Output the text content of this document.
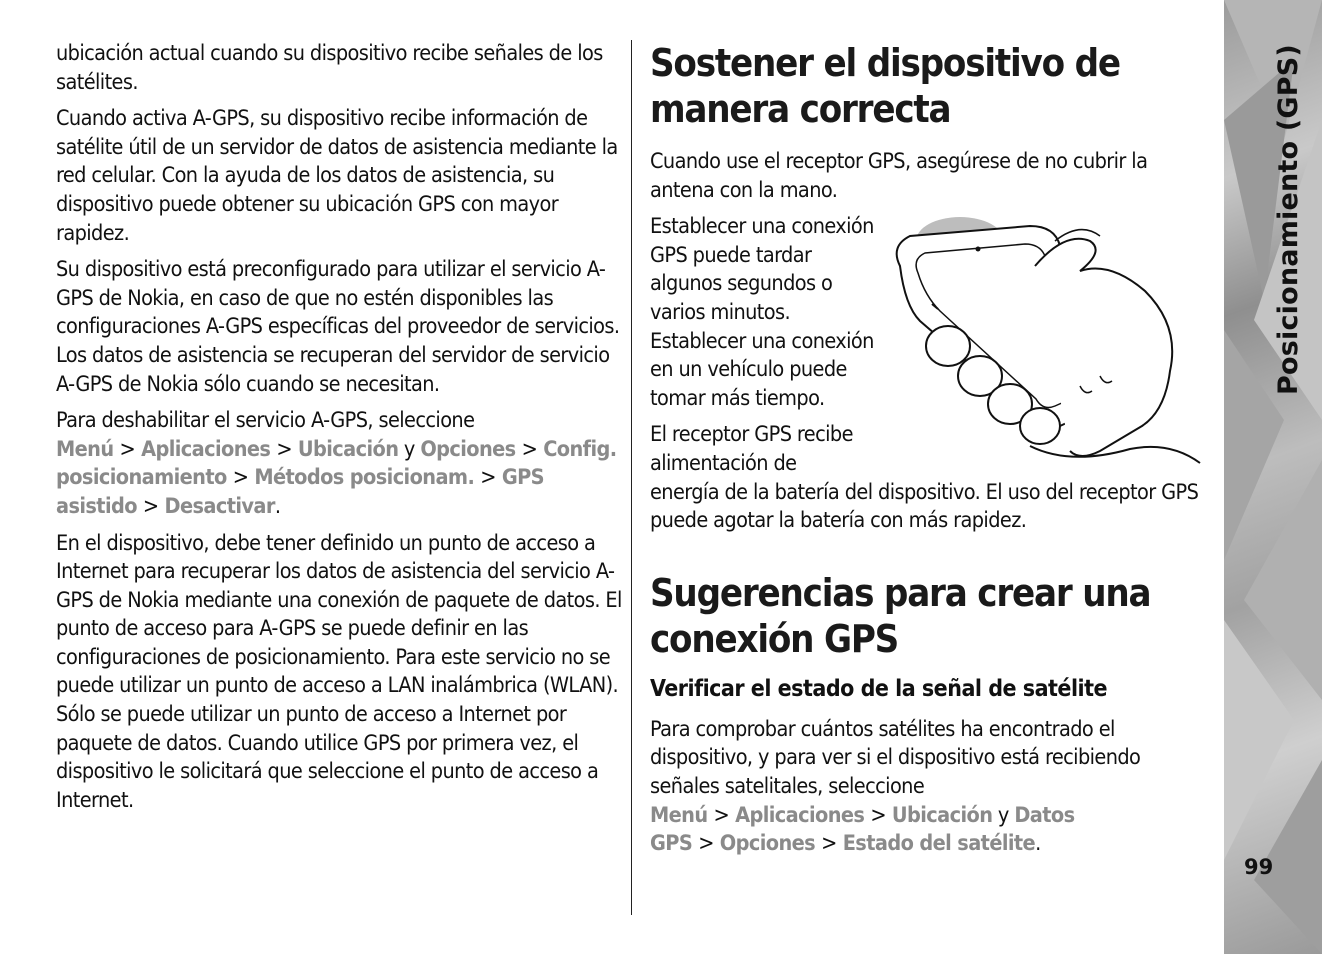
ubicación actual cuando su dispositivo recibe señales de los satélites.

Cuando activa A-GPS, su dispositivo recibe información de satélite útil de un servidor de datos de asistencia mediante la red celular. Con la ayuda de los datos de asistencia, su dispositivo puede obtener su ubicación GPS con mayor rapidez.

Su dispositivo está preconfigurado para utilizar el servicio A-GPS de Nokia, en caso de que no estén disponibles las configuraciones A-GPS específicas del proveedor de servicios. Los datos de asistencia se recuperan del servidor de servicio A-GPS de Nokia sólo cuando se necesitan.

Para deshabilitar el servicio A-GPS, seleccione Menú > Aplicaciones > Ubicación y Opciones > Config. posicionamiento > Métodos posicionam. > GPS asistido > Desactivar.

En el dispositivo, debe tener definido un punto de acceso a Internet para recuperar los datos de asistencia del servicio A-GPS de Nokia mediante una conexión de paquete de datos. El punto de acceso para A-GPS se puede definir en las configuraciones de posicionamiento. Para este servicio no se puede utilizar un punto de acceso a LAN inalámbrica (WLAN). Sólo se puede utilizar un punto de acceso a Internet por paquete de datos. Cuando utilice GPS por primera vez, el dispositivo le solicitará que seleccione el punto de acceso a Internet.

Sostener el dispositivo de manera correcta

Cuando use el receptor GPS, asegúrese de no cubrir la antena con la mano.

Establecer una conexión GPS puede tardar algunos segundos o varios minutos. Establecer una conexión en un vehículo puede tomar más tiempo.

El receptor GPS recibe alimentación de
energía de la batería del dispositivo. El uso del receptor GPS puede agotar la batería con más rapidez.

Sugerencias para crear una conexión GPS
Verificar el estado de la señal de satélite

Para comprobar cuántos satélites ha encontrado el dispositivo, y para ver si el dispositivo está recibiendo señales satelitales, seleccione Menú > Aplicaciones > Ubicación y Datos GPS > Opciones > Estado del satélite.

Posicionamiento (GPS)
99
